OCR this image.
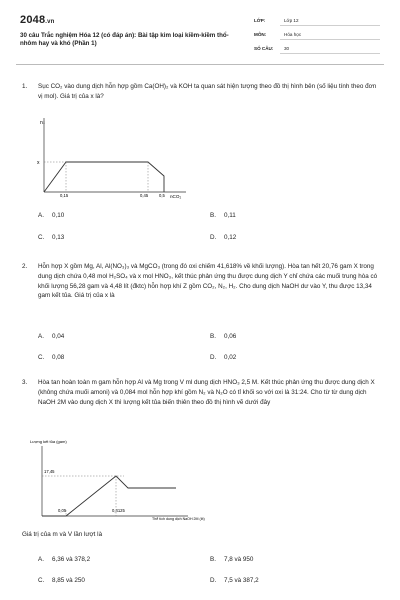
2048.vn
30 câu Trắc nghiệm Hóa 12 (có đáp án): Bài tập kim loại kiềm-kiềm thổ-nhôm hay và khó (Phần 1)
LỚP:	Lớp 12
MÔN:	Hóa học
SỐ CÂU: 30
1. Sục CO₂ vào dung dịch hỗn hợp gồm Ca(OH)₂ và KOH ta quan sát hiện tượng theo đồ thị hình bên (số liệu tính theo đơn vị mol). Giá trị của x là?
n↓
x
0,15	0,45	0,5 nCO₂
A. 0,10	B. 0,11
C. 0,13	D. 0,12
2. Hỗn hợp X gồm Mg, Al, Al(NO₃)₃ và MgCO₃ (trong đó oxi chiếm 41,618% về khối lượng). Hòa tan hết 20,76 gam X trong dung dịch chứa 0,48 mol H₂SO₄ và x mol HNO₃, kết thúc phản ứng thu được dung dịch Y chỉ chứa các muối trung hòa có khối lượng 56,28 gam và 4,48 lít (đktc) hỗn hợp khí Z gồm CO₂, N₂, H₂. Cho dung dịch NaOH dư vào Y, thu được 13,34 gam kết tủa. Giá trị của x là
A. 0,04	B. 0,06
C. 0,08	D. 0,02
3. Hòa tan hoàn toàn m gam hỗn hợp Al và Mg trong V ml dung dịch HNO₃ 2,5 M. Kết thúc phản ứng thu được dung dịch X (không chứa muối amoni) và 0,084 mol hỗn hợp khí gồm N₂ và N₂O có tỉ khối so với oxi là 31:24. Cho từ từ dung dịch NaOH 2M vào dung dịch X thì lượng kết tủa biến thiên theo đồ thị hình vẽ dưới đây
Lượng kết tủa (gam)
17,45
0,05	0,4125
Thể tích dung dịch NaOH 2M (lít)
Giá trị của m và V lần lượt là
A. 6,36 và 378,2	B. 7,8 và 950
C. 8,85 và 250	D. 7,5 và 387,2
